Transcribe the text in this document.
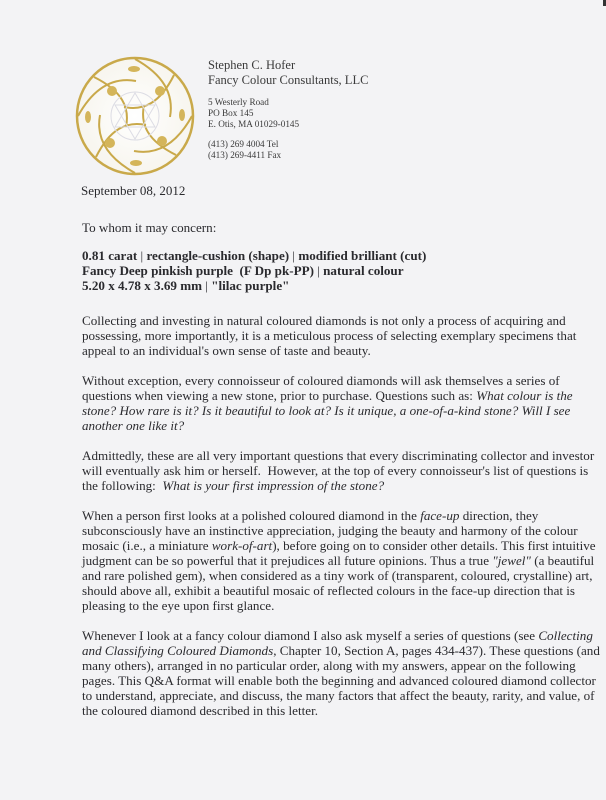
Stephen C. Hofer
Fancy Colour Consultants, LLC
5 Westerly Road
PO Box 145
E. Otis, MA 01029-0145
(413) 269 4004 Tel
(413) 269-4411 Fax
September 08, 2012
To whom it may concern:
0.81 carat | rectangle-cushion (shape) | modified brilliant (cut)
Fancy Deep pinkish purple  (F Dp pk-PP) | natural colour
5.20 x 4.78 x 3.69 mm | "lilac purple"

Collecting and investing in natural coloured diamonds is not only a process of acquiring and possessing, more importantly, it is a meticulous process of selecting exemplary specimens that appeal to an individual's own sense of taste and beauty.

Without exception, every connoisseur of coloured diamonds will ask themselves a series of questions when viewing a new stone, prior to purchase. Questions such as: What colour is the stone? How rare is it? Is it beautiful to look at? Is it unique, a one-of-a-kind stone? Will I see another one like it?

Admittedly, these are all very important questions that every discriminating collector and investor will eventually ask him or herself.  However, at the top of every connoisseur's list of questions is the following:  What is your first impression of the stone?

When a person first looks at a polished coloured diamond in the face-up direction, they subconsciously have an instinctive appreciation, judging the beauty and harmony of the colour mosaic (i.e., a miniature work-of-art), before going on to consider other details. This first intuitive judgment can be so powerful that it prejudices all future opinions. Thus a true "jewel" (a beautiful and rare polished gem), when considered as a tiny work of (transparent, coloured, crystalline) art, should above all, exhibit a beautiful mosaic of reflected colours in the face-up direction that is pleasing to the eye upon first glance.

Whenever I look at a fancy colour diamond I also ask myself a series of questions (see Collecting and Classifying Coloured Diamonds, Chapter 10, Section A, pages 434-437). These questions (and many others), arranged in no particular order, along with my answers, appear on the following pages. This Q&A format will enable both the beginning and advanced coloured diamond collector to understand, appreciate, and discuss, the many factors that affect the beauty, rarity, and value, of the coloured diamond described in this letter.
